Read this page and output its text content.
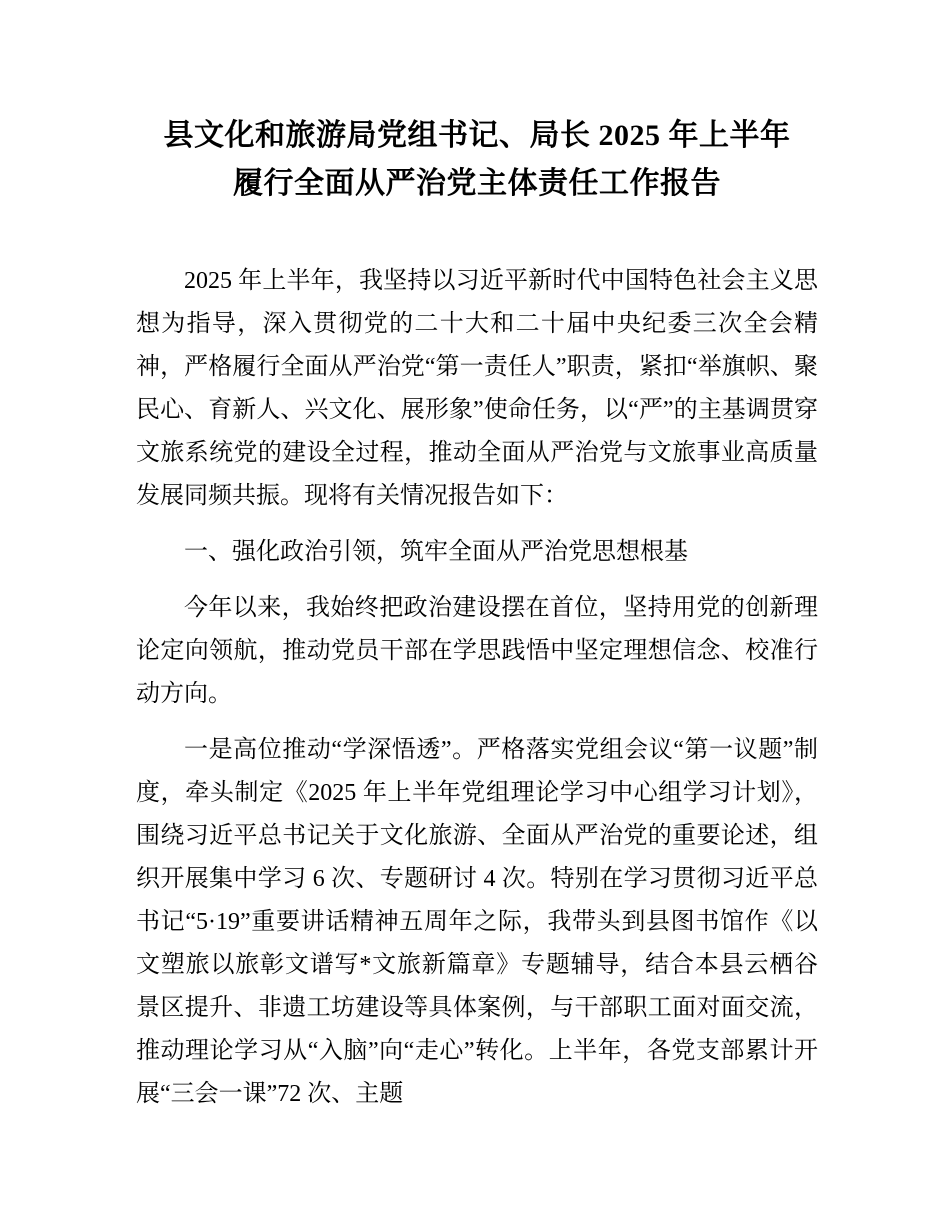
县文化和旅游局党组书记、局长 2025 年上半年
履行全面从严治党主体责任工作报告

2025 年上半年，我坚持以习近平新时代中国特色社会主义思想为指导，深入贯彻党的二十大和二十届中央纪委三次全会精神，严格履行全面从严治党“第一责任人”职责，紧扣“举旗帜、聚民心、育新人、兴文化、展形象”使命任务，以“严”的主基调贯穿文旅系统党的建设全过程，推动全面从严治党与文旅事业高质量发展同频共振。现将有关情况报告如下：

一、强化政治引领，筑牢全面从严治党思想根基

今年以来，我始终把政治建设摆在首位，坚持用党的创新理论定向领航，推动党员干部在学思践悟中坚定理想信念、校准行动方向。

一是高位推动“学深悟透”。严格落实党组会议“第一议题”制度，牵头制定《2025 年上半年党组理论学习中心组学习计划》，围绕习近平总书记关于文化旅游、全面从严治党的重要论述，组织开展集中学习 6 次、专题研讨 4 次。特别在学习贯彻习近平总书记“5·19”重要讲话精神五周年之际，我带头到县图书馆作《以文塑旅以旅彰文谱写*文旅新篇章》专题辅导，结合本县云栖谷景区提升、非遗工坊建设等具体案例，与干部职工面对面交流，推动理论学习从“入脑”向“走心”转化。上半年，各党支部累计开展“三会一课”72 次、主题
